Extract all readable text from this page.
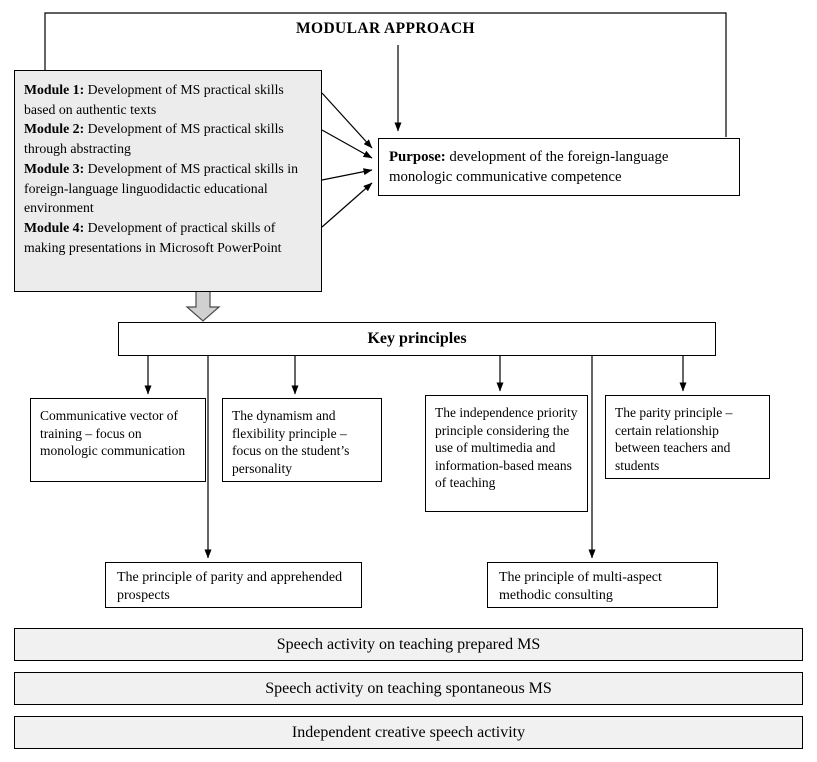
MODULAR APPROACH
Module 1: Development of MS practical skills based on authentic texts
Module 2: Development of MS practical skills through abstracting
Module 3: Development of MS practical skills in foreign-language linguodidactic educational environment
Module 4: Development of practical skills of making presentations in Microsoft PowerPoint
Purpose: development of the foreign-language monologic communicative competence
Key principles
Communicative vector of training – focus on monologic communication
The dynamism and flexibility principle – focus on the student’s personality
The independence priority principle considering the use of multimedia and information-based means of teaching
The parity principle – certain relationship between teachers and students
The principle of parity and apprehended prospects
The principle of multi-aspect methodic consulting
Speech activity on teaching prepared MS
Speech activity on teaching spontaneous MS
Independent creative speech activity
